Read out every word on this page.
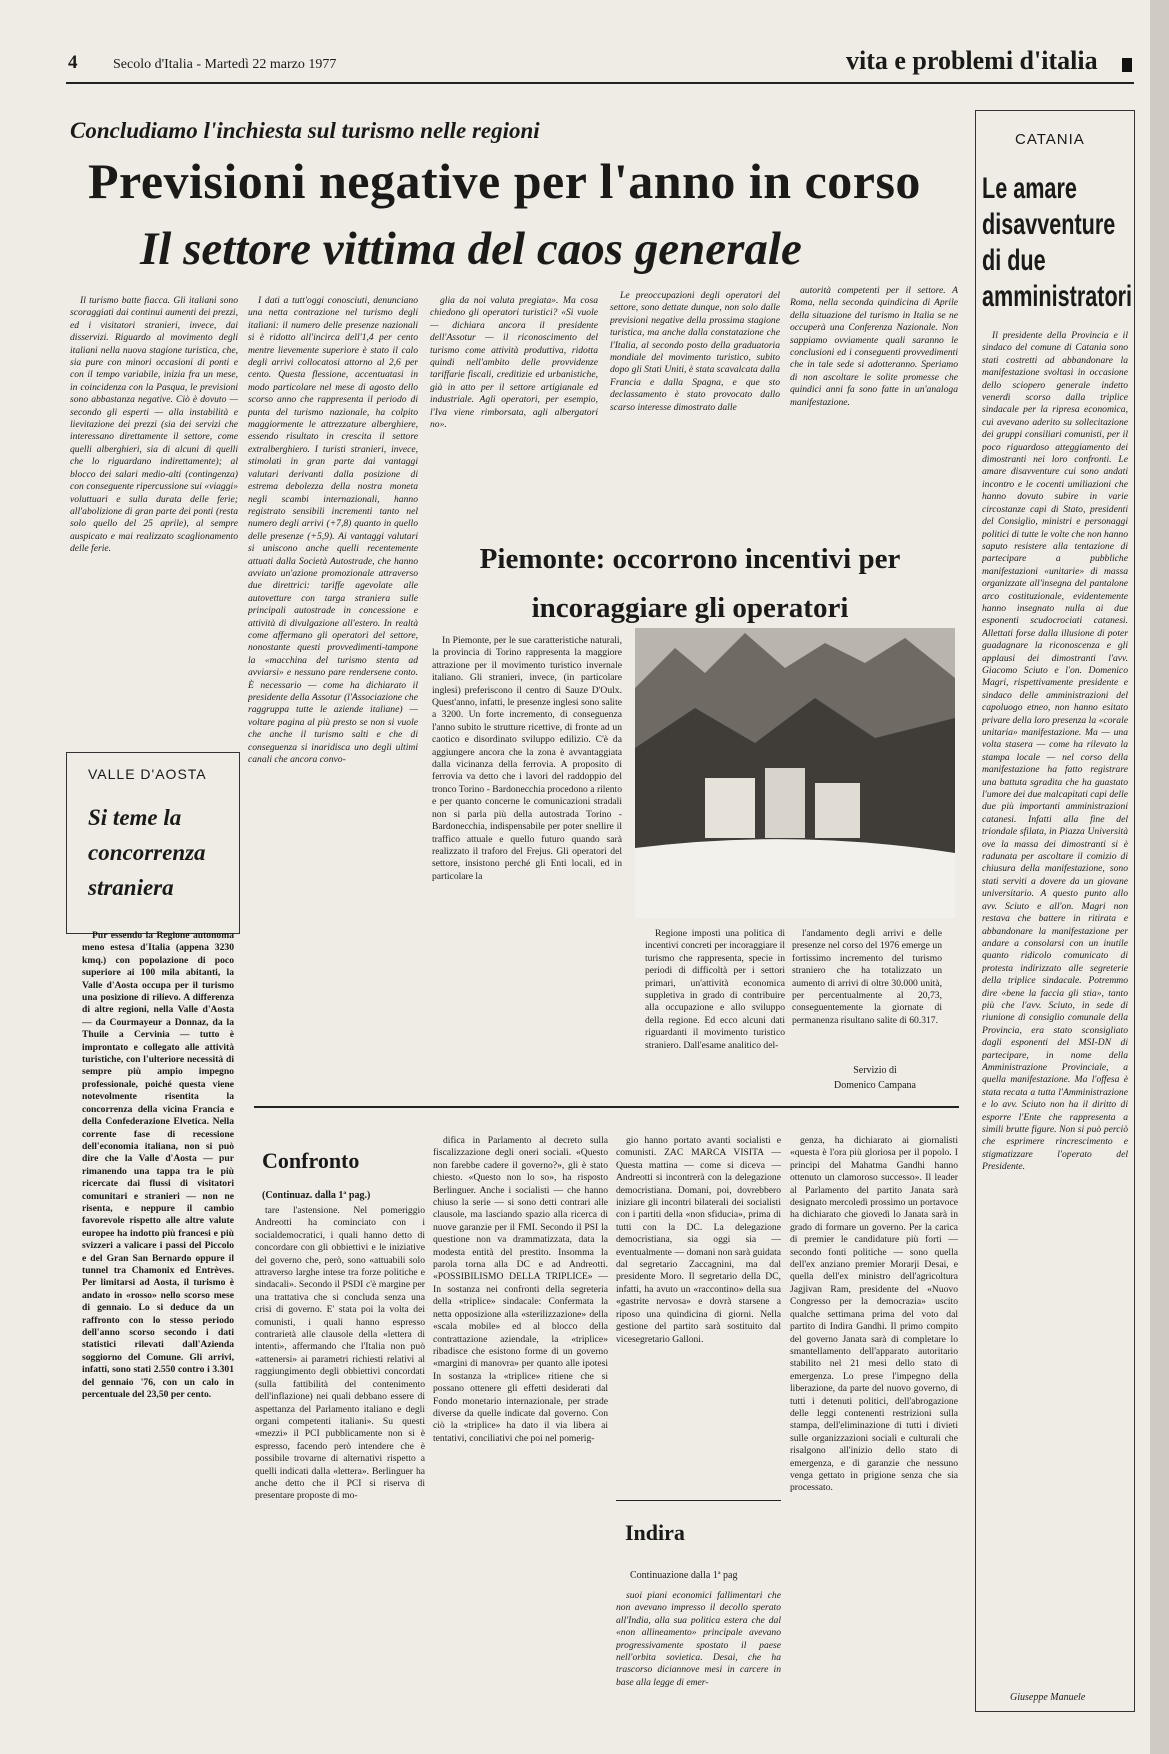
4	Secolo d'Italia - Martedì 22 marzo 1977	vita e problemi d'italia
Concludiamo l'inchiesta sul turismo nelle regioni
Previsioni negative per l'anno in corso
Il settore vittima del caos generale

Il turismo batte fiacca. Gli italiani sono scoraggiati dai continui aumenti dei prezzi, ed i visitatori stranieri, invece, dai disservizi. Riguardo al movimento degli italiani nella nuova stagione turistica, che, sia pure con minori occasioni di ponti e con il tempo variabile, inizia fra un mese, in coincidenza con la Pasqua, le previsioni sono abbastanza negative. Ciò è dovuto — secondo gli esperti — alla instabilità e lievitazione dei prezzi (sia dei servizi che interessano direttamente il settore, come quelli alberghieri, sia di alcuni di quelli che lo riguardano indirettamente); al blocco dei salari medio-alti (contingenza) con conseguente ripercussione sui «viaggi» voluttuari e sulla durata delle ferie; all'abolizione di gran parte dei ponti (resta solo quello del 25 aprile), al sempre auspicato e mai realizzato scaglionamento delle ferie.

I dati a tutt'oggi conosciuti, denunciano una netta contrazione nel turismo degli italiani: il numero delle presenze nazionali si è ridotto all'incirca dell'1,4 per cento mentre lievemente superiore è stato il calo degli arrivi collocatosi attorno al 2,6 per cento. Questa flessione, accentuatasi in modo particolare nel mese di agosto dello scorso anno che rappresenta il periodo di punta del turismo nazionale, ha colpito maggiormente le attrezzature alberghiere, essendo risultato in crescita il settore extralberghiero. I turisti stranieri, invece, stimolati in gran parte dai vantaggi valutari derivanti dalla posizione di estrema debolezza della nostra moneta negli scambi internazionali, hanno registrato sensibili incrementi tanto nel numero degli arrivi (+7,8) quanto in quello delle presenze (+5,9). Ai vantaggi valutari si uniscono anche quelli recentemente attuati dalla Società Autostrade, che hanno avviato un'azione promozionale attraverso due direttrici: tariffe agevolate alle autovetture con targa straniera sulle principali autostrade in concessione e attività di divulgazione all'estero. In realtà come affermano gli operatori del settore, nonostante questi provvedimenti-tampone la «macchina del turismo stenta ad avviarsi» e nessuno pare rendersene conto. È necessario — come ha dichiarato il presidente della Assotur (l'Associazione che raggruppa tutte le aziende italiane) — voltare pagina al più presto se non si vuole che anche il turismo salti e che di conseguenza si inaridisca uno degli ultimi canali che ancora convo-

glia da noi valuta pregiata». Ma cosa chiedono gli operatori turistici? «Si vuole — dichiara ancora il presidente dell'Assotur — il riconoscimento del turismo come attività produttiva, ridotta quindi nell'ambito delle provvidenze tariffarie fiscali, creditizie ed urbanistiche, già in atto per il settore artigianale ed industriale. Agli operatori, per esempio, l'Iva viene rimborsata, agli albergatori no».

Le preoccupazioni degli operatori del settore, sono dettate dunque, non solo dalle previsioni negative della prossima stagione turistica, ma anche dalla constatazione che l'Italia, al secondo posto della graduatoria mondiale del movimento turistico, subito dopo gli Stati Uniti, è stata scavalcata dalla Francia e dalla Spagna, e que sto declassamento è stato provocato dallo scarso interesse dimostrato dalle

autorità competenti per il settore. A Roma, nella seconda quindicina di Aprile della situazione del turismo in Italia se ne occuperà una Conferenza Nazionale. Non sappiamo ovviamente quali saranno le conclusioni ed i conseguenti provvedimenti che in tale sede si adotteranno. Speriamo di non ascoltare le solite promesse che quindici anni fa sono fatte in un'analoga manifestazione.

VALLE D'AOSTA
Si teme la concorrenza straniera

Pur essendo la Regione autonoma meno estesa d'Italia (appena 3230 kmq.) con popolazione di poco superiore ai 100 mila abitanti, la Valle d'Aosta occupa per il turismo una posizione di rilievo. A differenza di altre regioni, nella Valle d'Aosta — da Courmayeur a Donnaz, da la Thuile a Cervinia — tutto è improntato e collegato alle attività turistiche, con l'ulteriore necessità di sempre più ampio impegno professionale, poiché questa viene notevolmente risentita la concorrenza della vicina Francia e della Confederazione Elvetica. Nella corrente fase di recessione dell'economia italiana, non si può dire che la Valle d'Aosta — pur rimanendo una tappa tra le più ricercate dai flussi di visitatori comunitari e stranieri — non ne risenta, e neppure il cambio favorevole rispetto alle altre valute europee ha indotto più francesi e più svizzeri a valicare i passi del Piccolo e del Gran San Bernardo oppure il tunnel tra Chamonix ed Entrèves. Per limitarsi ad Aosta, il turismo è andato in «rosso» nello scorso mese di gennaio. Lo si deduce da un raffronto con lo stesso periodo dell'anno scorso secondo i dati statistici rilevati dall'Azienda soggiorno del Comune. Gli arrivi, infatti, sono stati 2.550 contro i 3.301 del gennaio '76, con un calo in percentuale del 23,50 per cento.

Piemonte: occorrono incentivi per incoraggiare gli operatori

In Piemonte, per le sue caratteristiche naturali, la provincia di Torino rappresenta la maggiore attrazione per il movimento turistico invernale italiano. Gli stranieri, invece, (in particolare inglesi) preferiscono il centro di Sauze D'Oulx. Quest'anno, infatti, le presenze inglesi sono salite a 3200. Un forte incremento, di conseguenza l'anno subito le strutture ricettive, di fronte ad un caotico e disordinato sviluppo edilizio. C'è da aggiungere ancora che la zona è avvantaggiata dalla vicinanza della ferrovia. A proposito di ferrovia va detto che i lavori del raddoppio del tronco Torino - Bardonecchia procedono a rilento e per quanto concerne le comunicazioni stradali non si parla più della autostrada Torino - Bardonecchia, indispensabile per poter snellire il traffico attuale e quello futuro quando sarà realizzato il traforo del Frejus. Gli operatori del settore, insistono perché gli Enti locali, ed in particolare la

Regione imposti una politica di incentivi concreti per incoraggiare il turismo che rappresenta, specie in periodi di difficoltà per i settori primari, un'attività economica suppletiva in grado di contribuire alla occupazione e allo sviluppo della regione. Ed ecco alcuni dati riguardanti il movimento turistico straniero. Dall'esame analitico del-

l'andamento degli arrivi e delle presenze nel corso del 1976 emerge un fortissimo incremento del turismo straniero che ha totalizzato un aumento di arrivi di oltre 30.000 unità, per percentualmente al 20,73, conseguentemente la giornate di permanenza risultano salite di 60.317.

Servizio di
Domenico Campana
Confronto
(Continuaz. dalla 1ª pag.)

tare l'astensione. Nel pomeriggio Andreotti ha cominciato con i socialdemocratici, i quali hanno detto di concordare con gli obbiettivi e le iniziative del governo che, però, sono «attuabili solo attraverso larghe intese tra forze politiche e sindacali». Secondo il PSDI c'è margine per una trattativa che si concluda senza una crisi di governo. E' stata poi la volta dei comunisti, i quali hanno espresso contrarietà alle clausole della «lettera di intenti», affermando che l'Italia non può «attenersi» ai parametri richiesti relativi al raggiungimento degli obbiettivi concordati (sulla fattibilità del contenimento dell'inflazione) nei quali debbano essere di aspettanza del Parlamento italiano e degli organi competenti italiani». Su questi «mezzi» il PCI pubblicamente non si è espresso, facendo però intendere che è possibile trovarne di alternativi rispetto a quelli indicati dalla «lettera». Berlinguer ha anche detto che il PCI si riserva di presentare proposte di mo-

difica in Parlamento al decreto sulla fiscalizzazione degli oneri sociali. «Questo non farebbe cadere il governo?», gli è stato chiesto. «Questo non lo so», ha risposto Berlinguer. Anche i socialisti — che hanno chiuso la serie — si sono detti contrari alle clausole, ma lasciando spazio alla ricerca di nuove garanzie per il FMI. Secondo il PSI la questione non va drammatizzata, data la modesta entità del prestito. Insomma la parola torna alla DC e ad Andreotti. «POSSIBILISMO DELLA TRIPLICE» — In sostanza nei confronti della segreteria della «triplice» sindacale: Confermata la netta opposizione alla «sterilizzazione» della «scala mobile» ed al blocco della contrattazione aziendale, la «triplice» ribadisce che esistono forme di un governo «margini di manovra» per quanto alle ipotesi In sostanza la «triplice» ritiene che si possano ottenere gli effetti desiderati dal Fondo monetario internazionale, per strade diverse da quelle indicate dal governo. Con ciò la «triplice» ha dato il via libera ai tentativi, conciliativi che poi nel pomerig-

gio hanno portato avanti socialisti e comunisti. ZAC MARCA VISITA — Questa mattina — come si diceva — Andreotti si incontrerà con la delegazione democristiana. Domani, poi, dovrebbero iniziare gli incontri bilaterali dei socialisti con i partiti della «non sfiducia», prima di tutti con la DC. La delegazione democristiana, sia oggi sia — eventualmente — domani non sarà guidata dal segretario Zaccagnini, ma dal presidente Moro. Il segretario della DC, infatti, ha avuto un «raccontino» della sua «gastrite nervosa» e dovrà starsene a riposo una quindicina di giorni. Nella gestione del partito sarà sostituito dal vicesegretario Galloni.

genza, ha dichiarato ai giornalisti «questa è l'ora più gloriosa per il popolo. I principi del Mahatma Gandhi hanno ottenuto un clamoroso successo». Il leader al Parlamento del partito Janata sarà designato mercoledì prossimo un portavoce ha dichiarato che giovedì lo Janata sarà in grado di formare un governo. Per la carica di premier le candidature più forti — secondo fonti politiche — sono quella dell'ex anziano premier Morarji Desai, e quella dell'ex ministro dell'agricoltura Jagjivan Ram, presidente del «Nuovo Congresso per la democrazia» uscito qualche settimana prima del voto dal partito di Indira Gandhi. Il primo compito del governo Janata sarà di completare lo smantellamento dell'apparato autoritario stabilito nel 21 mesi dello stato di emergenza. Lo prese l'impegno della liberazione, da parte del nuovo governo, di tutti i detenuti politici, dell'abrogazione delle leggi contenenti restrizioni sulla stampa, dell'eliminazione di tutti i divieti sulle organizzazioni sociali e culturali che risalgono all'inizio dello stato di emergenza, e di garanzie che nessuno venga gettato in prigione senza che sia processato.

Indira
Continuazione dalla 1ª pag

suoi piani economici fallimentari che non avevano impresso il decollo sperato all'India, alla sua politica estera che dal «non allineamento» principale avevano progressivamente spostato il paese nell'orbita sovietica. Desai, che ha trascorso diciannove mesi in carcere in base alla legge di emer-

CATANIA
Le amare disavventure di due amministratori

Il presidente della Provincia e il sindaco del comune di Catania sono stati costretti ad abbandonare la manifestazione svoltasi in occasione dello sciopero generale indetto venerdì scorso dalla triplice sindacale per la ripresa economica, cui avevano aderito su sollecitazione dei gruppi consiliari comunisti, per il poco riguardoso atteggiamento dei dimostranti nei loro confronti. Le amare disavventure cui sono andati incontro e le cocenti umiliazioni che hanno dovuto subire in varie circostanze capi di Stato, presidenti del Consiglio, ministri e personaggi politici di tutte le volte che non hanno saputo resistere alla tentazione di partecipare a pubbliche manifestazioni «unitarie» di massa organizzate all'insegna del pantalone arco costituzionale, evidentemente hanno insegnato nulla ai due esponenti scudocrociati catanesi. Allettati forse dalla illusione di poter guadagnare la riconoscenza e gli applausi dei dimostranti l'avv. Giacomo Sciuto e l'on. Domenico Magri, rispettivamente presidente e sindaco delle amministrazioni del capoluogo etneo, non hanno esitato privare della loro presenza la «corale unitaria» manifestazione. Ma — una volta stasera — come ha rilevato la stampa locale — nel corso della manifestazione ha fatto registrare una battuta sgradita che ha guastato l'umore dei due malcapitati capi delle due più importanti amministrazioni catanesi. Infatti alla fine del triondale sfilata, in Piazza Università ove la massa dei dimostranti si è radunata per ascoltare il comizio di chiusura della manifestazione, sono stati serviti a dovere da un giovane universitario. A questo punto allo avv. Sciuto e all'on. Magri non restava che battere in ritirata e abbandonare la manifestazione per andare a consolarsi con un inutile quanto ridicolo comunicato di protesta indirizzato alle segreterie della triplice sindacale. Potremmo dire «bene la faccia gli stia», tanto più che l'avv. Sciuto, in sede di riunione di consiglio comunale della Provincia, era stato sconsigliato dagli esponenti del MSI-DN di partecipare, in nome della Amministrazione Provinciale, a quella manifestazione. Ma l'offesa è stata recata a tutta l'Amministrazione e lo avv. Sciuto non ha il diritto di esporre l'Ente che rappresenta a simili brutte figure. Non si può perciò che esprimere rincrescimento e stigmatizzare l'operato del Presidente.

Giuseppe Manuele
